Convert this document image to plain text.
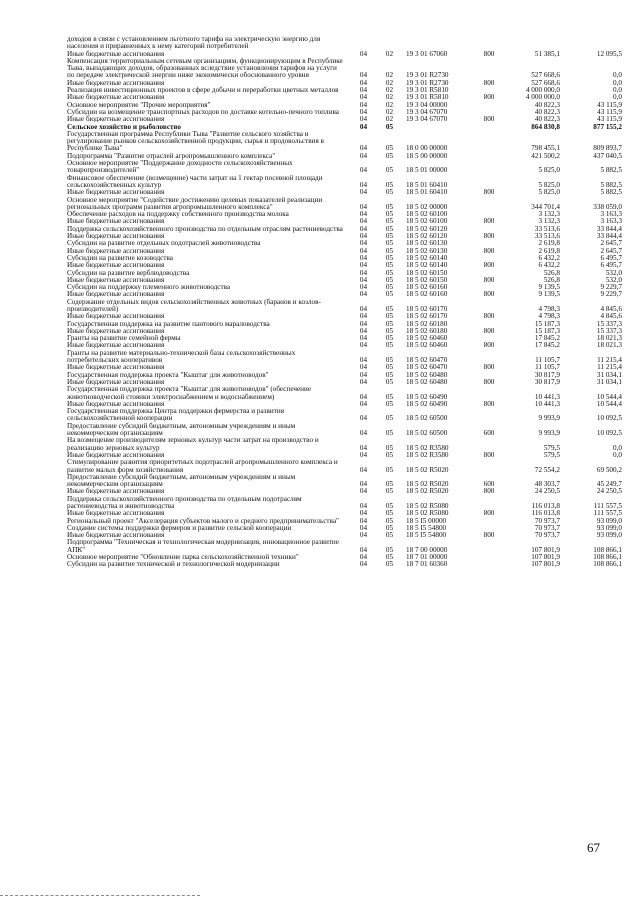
доходов в связи с установлением льготного тарифа на электрическую энергию для населения и приравненных к нему категорий потребителей
Иные бюджетные ассигнования	04	02	19 3 01 67060	800	51 385,1	12 095,5
Компенсация территориальным сетевым организациям, функционирующим в Республике Тыва, выпадающих доходов, образованных вследствие установления тарифов на услуги по передаче электрической энергии ниже экономически обоснованного уровня	04	02	19 3 01 R2730	527 668,6	0,0
Иные бюджетные ассигнования	04	02	19 3 01 R2730	800	527 668,6	0,0
Реализация инвестиционных проектов в сфере добычи и переработки цветных металлов	04	02	19 3 01 R5810	4 000 000,0	0,0
Иные бюджетные ассигнования	04	02	19 3 01 R5810	800	4 000 000,0	0,0
Основное мероприятие "Прочие мероприятия"	04	02	19 3 04 00000	40 822,3	43 115,9
Субсидии на возмещение транспортных расходов по доставке котельно-печного топлива	04	02	19 3 04 67070	40 822,3	43 115,9
Иные бюджетные ассигнования	04	02	19 3 04 67070	800	40 822,3	43 115,9
Сельское хозяйство и рыболовство	04	05	864 830,8	877 155,2
Государственная программа Республики Тыва "Развитие сельского хозяйства и регулирование рынков сельскохозяйственной продукции, сырья и продовольствия в Республике Тыва"	04	05	18 0 00 00000	798 455,1	809 893,7
Подпрограмма "Развитие отраслей агропромышленного комплекса"	04	05	18 5 00 00000	421 500,2	437 040,5
Основное мероприятие "Поддержание доходности сельскохозяйственных товаропроизводителей"	04	05	18 5 01 00000	5 825,0	5 882,5
Финансовое обеспечение (возмещение) части затрат на 1 гектар посевной площади сельскохозяйственных культур	04	05	18 5 01 60410	5 825,0	5 882,5
Иные бюджетные ассигнования	04	05	18 5 01 60410	800	5 825,0	5 882,5
Основное мероприятие "Содействие достижению целевых показателей реализации региональных программ развития агропромышленного комплекса"	04	05	18 5 02 00000	344 701,4	338 059,0
Обеспечение расходов на поддержку собственного производства молока	04	05	18 5 02 60100	3 132,3	3 163,3
Иные бюджетные ассигнования	04	05	18 5 02 60100	800	3 132,3	3 163,3
Поддержка сельскохозяйственного производства по отдельным отраслям растениеводства	04	05	18 5 02 60120	33 513,6	33 844,4
Иные бюджетные ассигнования	04	05	18 5 02 60120	800	33 513,6	33 844,4
Субсидии на развитие отдельных подотраслей животноводства	04	05	18 5 02 60130	2 619,8	2 645,7
Иные бюджетные ассигнования	04	05	18 5 02 60130	800	2 619,8	2 645,7
Субсидии на развитие козоводства	04	05	18 5 02 60140	6 432,2	6 495,7
Иные бюджетные ассигнования	04	05	18 5 02 60140	800	6 432,2	6 495,7
Субсидии на развитие верблюдоводства	04	05	18 5 02 60150	526,8	532,0
Иные бюджетные ассигнования	04	05	18 5 02 60150	800	526,8	532,0
Субсидии на поддержку племенного животноводства	04	05	18 5 02 60160	9 139,5	9 229,7
Иные бюджетные ассигнования	04	05	18 5 02 60160	800	9 139,5	9 229,7
Содержание отдельных видов сельскохозяйственных животных (баранов и козлов-производителей)	04	05	18 5 02 60170	4 798,3	4 845,6
Иные бюджетные ассигнования	04	05	18 5 02 60170	800	4 798,3	4 845,6
Государственная поддержка на развитие пантового мараловодства	04	05	18 5 02 60180	15 187,3	15 337,3
Иные бюджетные ассигнования	04	05	18 5 02 60180	800	15 187,3	15 337,3
Гранты на развитие семейной фермы	04	05	18 5 02 60460	17 845,2	18 021,3
Иные бюджетные ассигнования	04	05	18 5 02 60460	800	17 845,2	18 021,3
Гранты на развитие материально-технической базы сельскохозяйственных потребительских кооперативов	04	05	18 5 02 60470	11 105,7	11 215,4
Иные бюджетные ассигнования	04	05	18 5 02 60470	800	11 105,7	11 215,4
Государственная поддержка проекта "Кыштаг для животноводов"	04	05	18 5 02 60480	30 817,9	31 034,1
Иные бюджетные ассигнования	04	05	18 5 02 60480	800	30 817,9	31 034,1
Государственная поддержка проекта "Кыштаг для животноводов" (обеспечение животноводческой стоянки электроснабжением и водоснабжением)	04	05	18 5 02 60490	10 441,3	10 544,4
Иные бюджетные ассигнования	04	05	18 5 02 60490	800	10 441,3	10 544,4
Государственная поддержка Центра поддержки фермерства и развития сельскохозяйственной кооперации	04	05	18 5 02 60500	9 993,9	10 092,5
Предоставление субсидий бюджетным, автономным учреждениям и иным некоммерческим организациям	04	05	18 5 02 60500	600	9 993,9	10 092,5
На возмещение производителям зерновых культур части затрат на производство и реализацию зерновых культур	04	05	18 5 02 R3580	579,5	0,0
Иные бюджетные ассигнования	04	05	18 5 02 R3580	800	579,5	0,0
Стимулирование развития приоритетных подотраслей агропромышленного комплекса и развитие малых форм хозяйствования	04	05	18 5 02 R5020	72 554,2	69 500,2
Предоставление субсидий бюджетным, автономным учреждениям и иным некоммерческим организациям	04	05	18 5 02 R5020	600	48 303,7	45 249,7
Иные бюджетные ассигнования	04	05	18 5 02 R5020	800	24 250,5	24 250,5
Поддержка сельскохозяйственного производства по отдельным подотраслям растениеводства и животноводства	04	05	18 5 02 R5080	116 013,8	111 557,5
Иные бюджетные ассигнования	04	05	18 5 02 R5080	800	116 013,8	111 557,5
Региональный проект "Акселерация субъектов малого и среднего предпринимательства"	04	05	18 5 I5 00000	70 973,7	93 099,0
Создание системы поддержки фермеров и развитие сельской кооперации	04	05	18 5 I5 54800	70 973,7	93 099,0
Иные бюджетные ассигнования	04	05	18 5 I5 54800	800	70 973,7	93 099,0
Подпрограмма "Техническая и технологическая модернизация, инновационное развитие АПК"	04	05	18 7 00 00000	107 801,9	108 866,1
Основное мероприятие "Обновление парка сельскохозяйственной техники"	04	05	18 7 01 00000	107 801,9	108 866,1
Субсидии на развитие технической и технологической модернизации	04	05	18 7 01 60360	107 801,9	108 866,1
67
